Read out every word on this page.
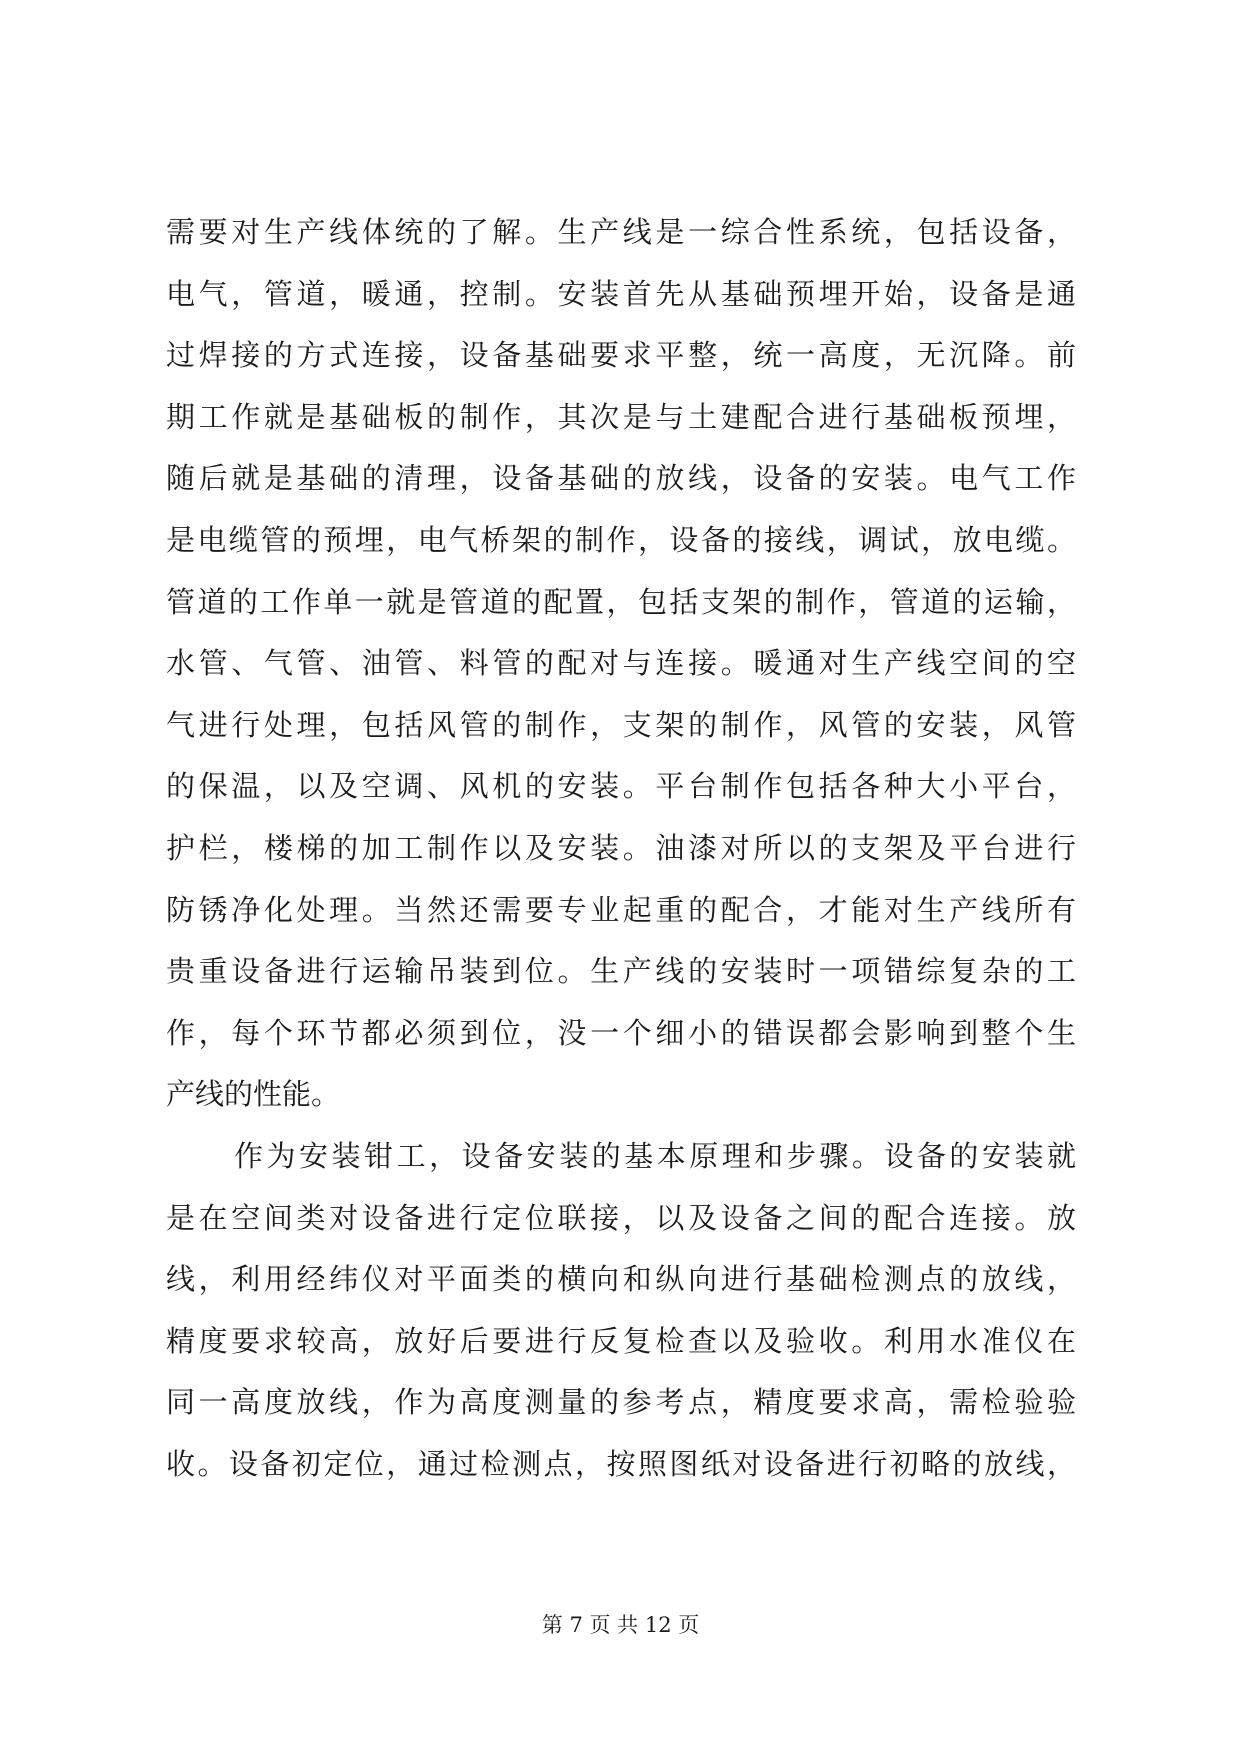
需要对生产线体统的了解。生产线是一综合性系统，包括设备，
电气，管道，暖通，控制。安装首先从基础预埋开始，设备是通
过焊接的方式连接，设备基础要求平整，统一高度，无沉降。前
期工作就是基础板的制作，其次是与土建配合进行基础板预埋，
随后就是基础的清理，设备基础的放线，设备的安装。电气工作
是电缆管的预埋，电气桥架的制作，设备的接线，调试，放电缆。
管道的工作单一就是管道的配置，包括支架的制作，管道的运输，
水管、气管、油管、料管的配对与连接。暖通对生产线空间的空
气进行处理，包括风管的制作，支架的制作，风管的安装，风管
的保温，以及空调、风机的安装。平台制作包括各种大小平台，
护栏，楼梯的加工制作以及安装。油漆对所以的支架及平台进行
防锈净化处理。当然还需要专业起重的配合，才能对生产线所有
贵重设备进行运输吊装到位。生产线的安装时一项错综复杂的工
作，每个环节都必须到位，没一个细小的错误都会影响到整个生
产线的性能。
作为安装钳工，设备安装的基本原理和步骤。设备的安装就
是在空间类对设备进行定位联接，以及设备之间的配合连接。放
线，利用经纬仪对平面类的横向和纵向进行基础检测点的放线，
精度要求较高，放好后要进行反复检查以及验收。利用水准仪在
同一高度放线，作为高度测量的参考点，精度要求高，需检验验
收。设备初定位，通过检测点，按照图纸对设备进行初略的放线，
第 7 页 共 12 页
